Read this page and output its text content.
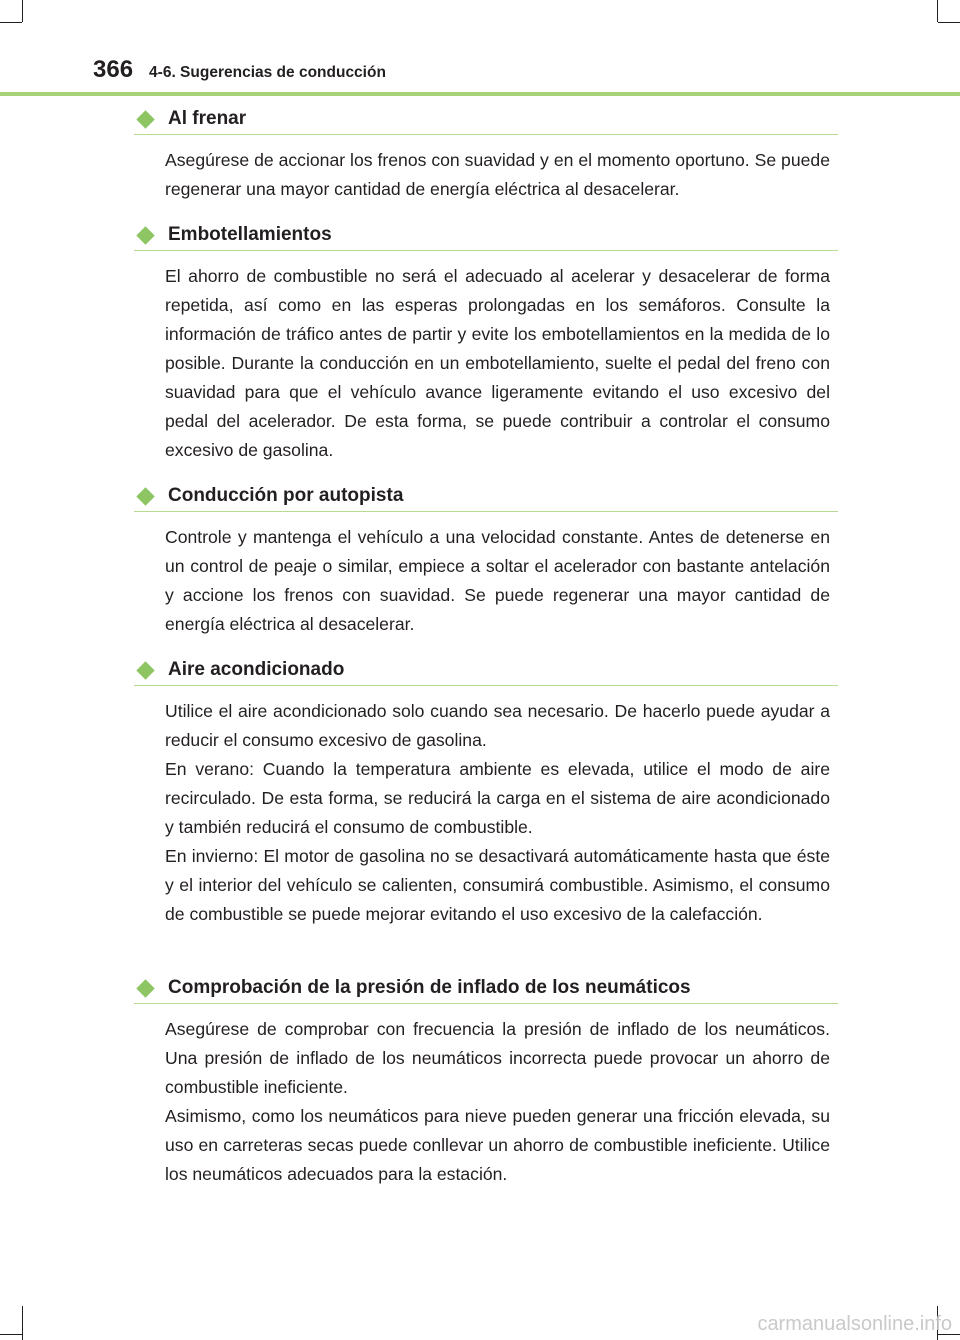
366 4-6. Sugerencias de conducción
Al frenar

Asegúrese de accionar los frenos con suavidad y en el momento oportuno. Se puede regenerar una mayor cantidad de energía eléctrica al desacelerar.

Embotellamientos

El ahorro de combustible no será el adecuado al acelerar y desacelerar de forma repetida, así como en las esperas prolongadas en los semáforos. Consulte la información de tráfico antes de partir y evite los embotellamientos en la medida de lo posible. Durante la conducción en un embotellamiento, suelte el pedal del freno con suavidad para que el vehículo avance ligeramente evitando el uso excesivo del pedal del acelerador. De esta forma, se puede contribuir a controlar el consumo excesivo de gasolina.

Conducción por autopista

Controle y mantenga el vehículo a una velocidad constante. Antes de detenerse en un control de peaje o similar, empiece a soltar el acelerador con bastante antelación y accione los frenos con suavidad. Se puede regenerar una mayor cantidad de energía eléctrica al desacelerar.

Aire acondicionado

Utilice el aire acondicionado solo cuando sea necesario. De hacerlo puede ayudar a reducir el consumo excesivo de gasolina.

En verano: Cuando la temperatura ambiente es elevada, utilice el modo de aire recirculado. De esta forma, se reducirá la carga en el sistema de aire acondicionado y también reducirá el consumo de combustible.

En invierno: El motor de gasolina no se desactivará automáticamente hasta que éste y el interior del vehículo se calienten, consumirá combustible. Asimismo, el consumo de combustible se puede mejorar evitando el uso excesivo de la calefacción.

Comprobación de la presión de inflado de los neumáticos

Asegúrese de comprobar con frecuencia la presión de inflado de los neumáticos. Una presión de inflado de los neumáticos incorrecta puede provocar un ahorro de combustible ineficiente.

Asimismo, como los neumáticos para nieve pueden generar una fricción elevada, su uso en carreteras secas puede conllevar un ahorro de combustible ineficiente. Utilice los neumáticos adecuados para la estación.

carmanualsonline.info
